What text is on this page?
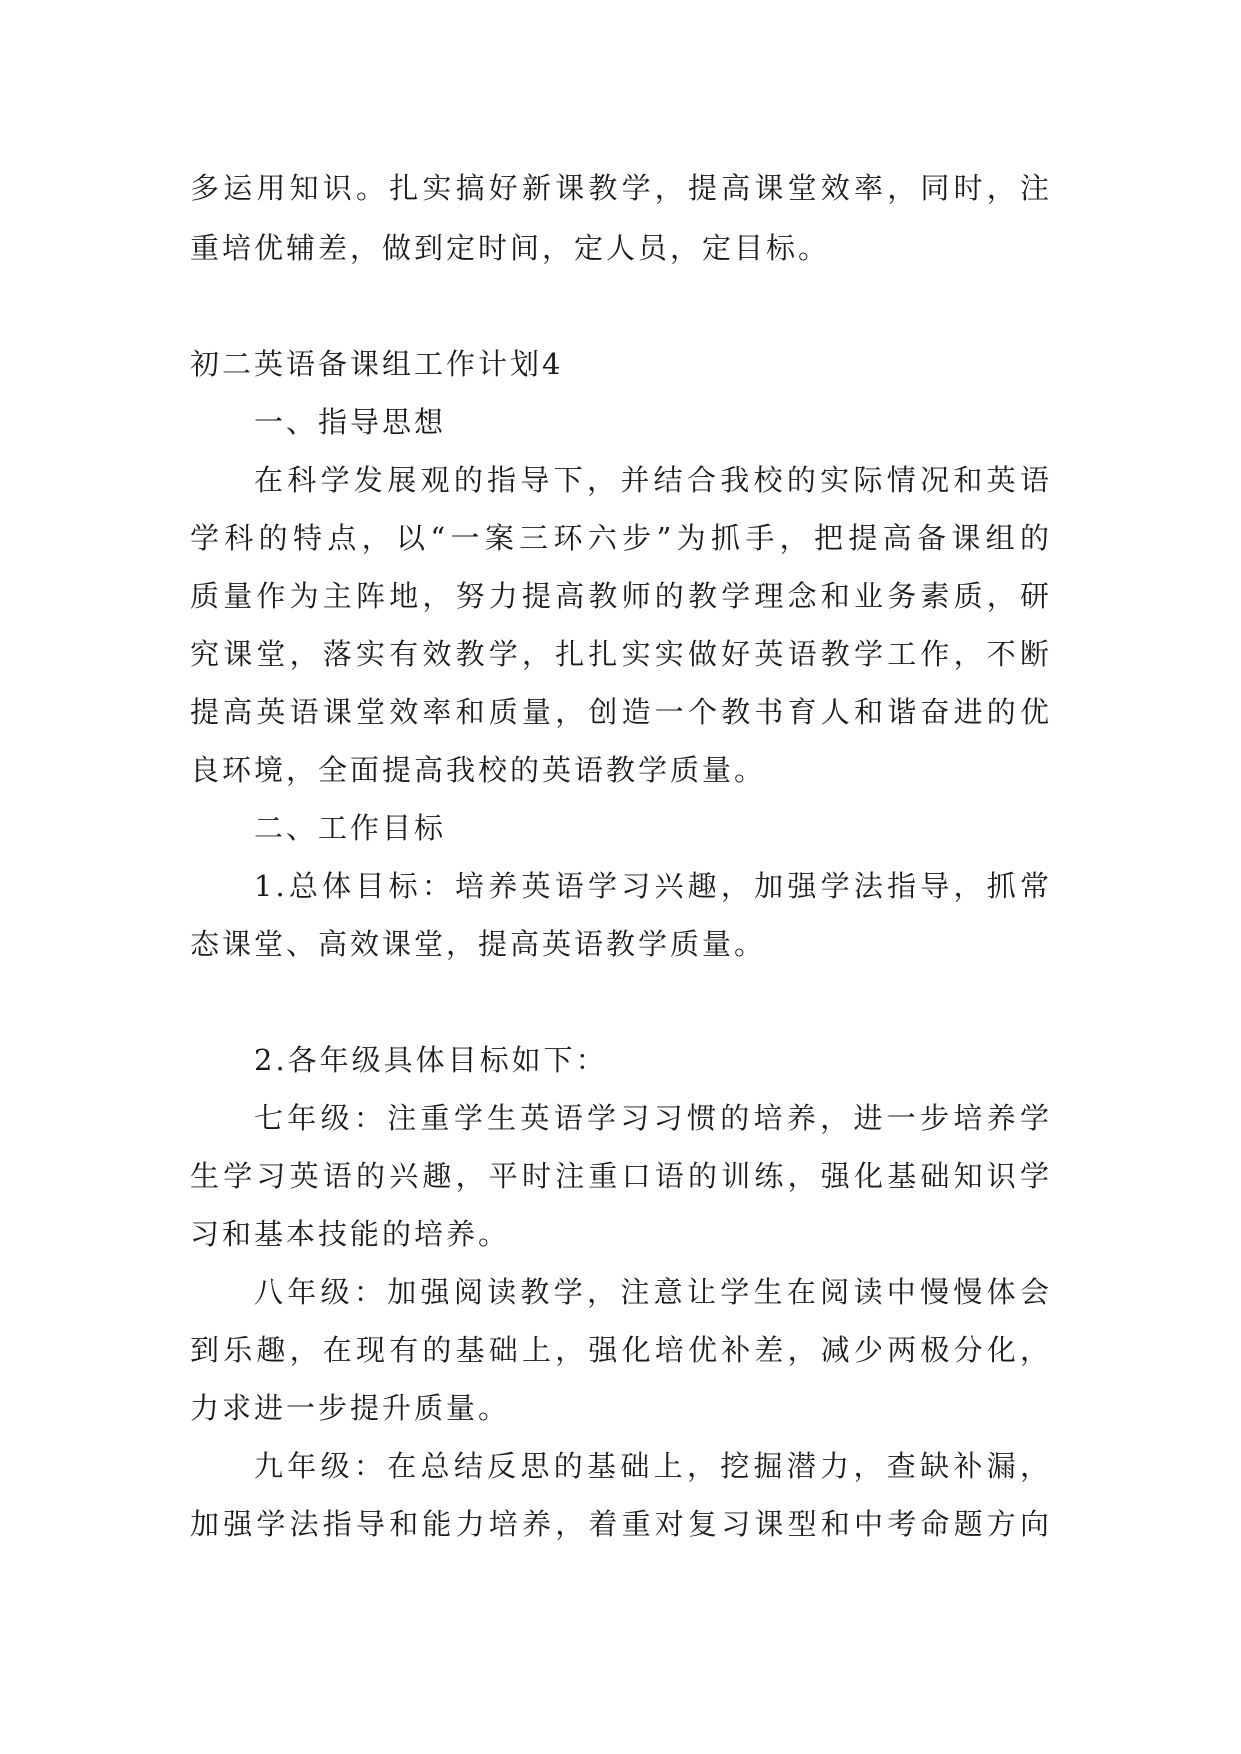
多运用知识。扎实搞好新课教学，提高课堂效率，同时，注
重培优辅差，做到定时间，定人员，定目标。
初二英语备课组工作计划4
一、指导思想
在科学发展观的指导下，并结合我校的实际情况和英语
学科的特点，以“一案三环六步”为抓手，把提高备课组的
质量作为主阵地，努力提高教师的教学理念和业务素质，研
究课堂，落实有效教学，扎扎实实做好英语教学工作，不断
提高英语课堂效率和质量，创造一个教书育人和谐奋进的优
良环境，全面提高我校的英语教学质量。
二、工作目标
1.总体目标：培养英语学习兴趣，加强学法指导，抓常
态课堂、高效课堂，提高英语教学质量。
2.各年级具体目标如下：
七年级：注重学生英语学习习惯的培养，进一步培养学
生学习英语的兴趣，平时注重口语的训练，强化基础知识学
习和基本技能的培养。
八年级：加强阅读教学，注意让学生在阅读中慢慢体会
到乐趣，在现有的基础上，强化培优补差，减少两极分化，
力求进一步提升质量。
九年级：在总结反思的基础上，挖掘潜力，查缺补漏，
加强学法指导和能力培养，着重对复习课型和中考命题方向
